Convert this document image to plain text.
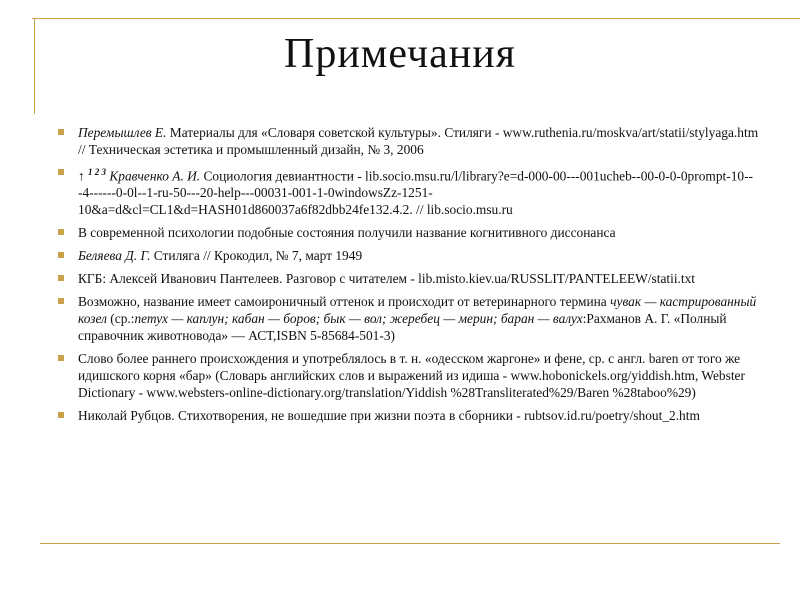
Примечания
Перемышлев Е. Материалы для «Словаря советской культуры». Стиляги - www.ruthenia.ru/moskva/art/statii/stylyaga.htm // Техническая эстетика и промышленный дизайн, № 3, 2006
↑ $^{1 2 3}$ Кравченко А. И. Социология девиантности - lib.socio.msu.ru/l/library?e=d-000-00---001ucheb--00-0-0-0prompt-10---4------0-0l--1-ru-50---20-help---00031-001-1-0windowsZz-1251-10&a=d&cl=CL1&d=HASH01d860037a6f82dbb24fe132.4.2. // lib.socio.msu.ru
В современной психологии подобные состояния получили название когнитивного диссонанса
Беляева Д. Г. Стиляга // Крокодил, № 7, март 1949
КГБ: Алексей Иванович Пантелеев. Разговор с читателем - lib.misto.kiev.ua/RUSSLIT/PANTELEEW/statii.txt
Возможно, название имеет самоироничный оттенок и происходит от ветеринарного термина чувак — кастрированный козел (ср.:петух — каплун; кабан — боров; бык — вол; жеребец — мерин; баран — валух:Рахманов А. Г. «Полный справочник животновода» — АСТ,ISBN 5-85684-501-3)
Слово более раннего происхождения и употреблялось в т. н. «одесском жаргоне» и фене, ср. с англ. baren от того же идишского корня «бар» (Словарь английских слов и выражений из идиша - www.hobonickels.org/yiddish.htm, Webster Dictionary - www.websters-online-dictionary.org/translation/Yiddish %28Transliterated%29/Baren %28taboo%29)
Николай Рубцов. Стихотворения, не вошедшие при жизни поэта в сборники - rubtsov.id.ru/poetry/shout_2.htm
